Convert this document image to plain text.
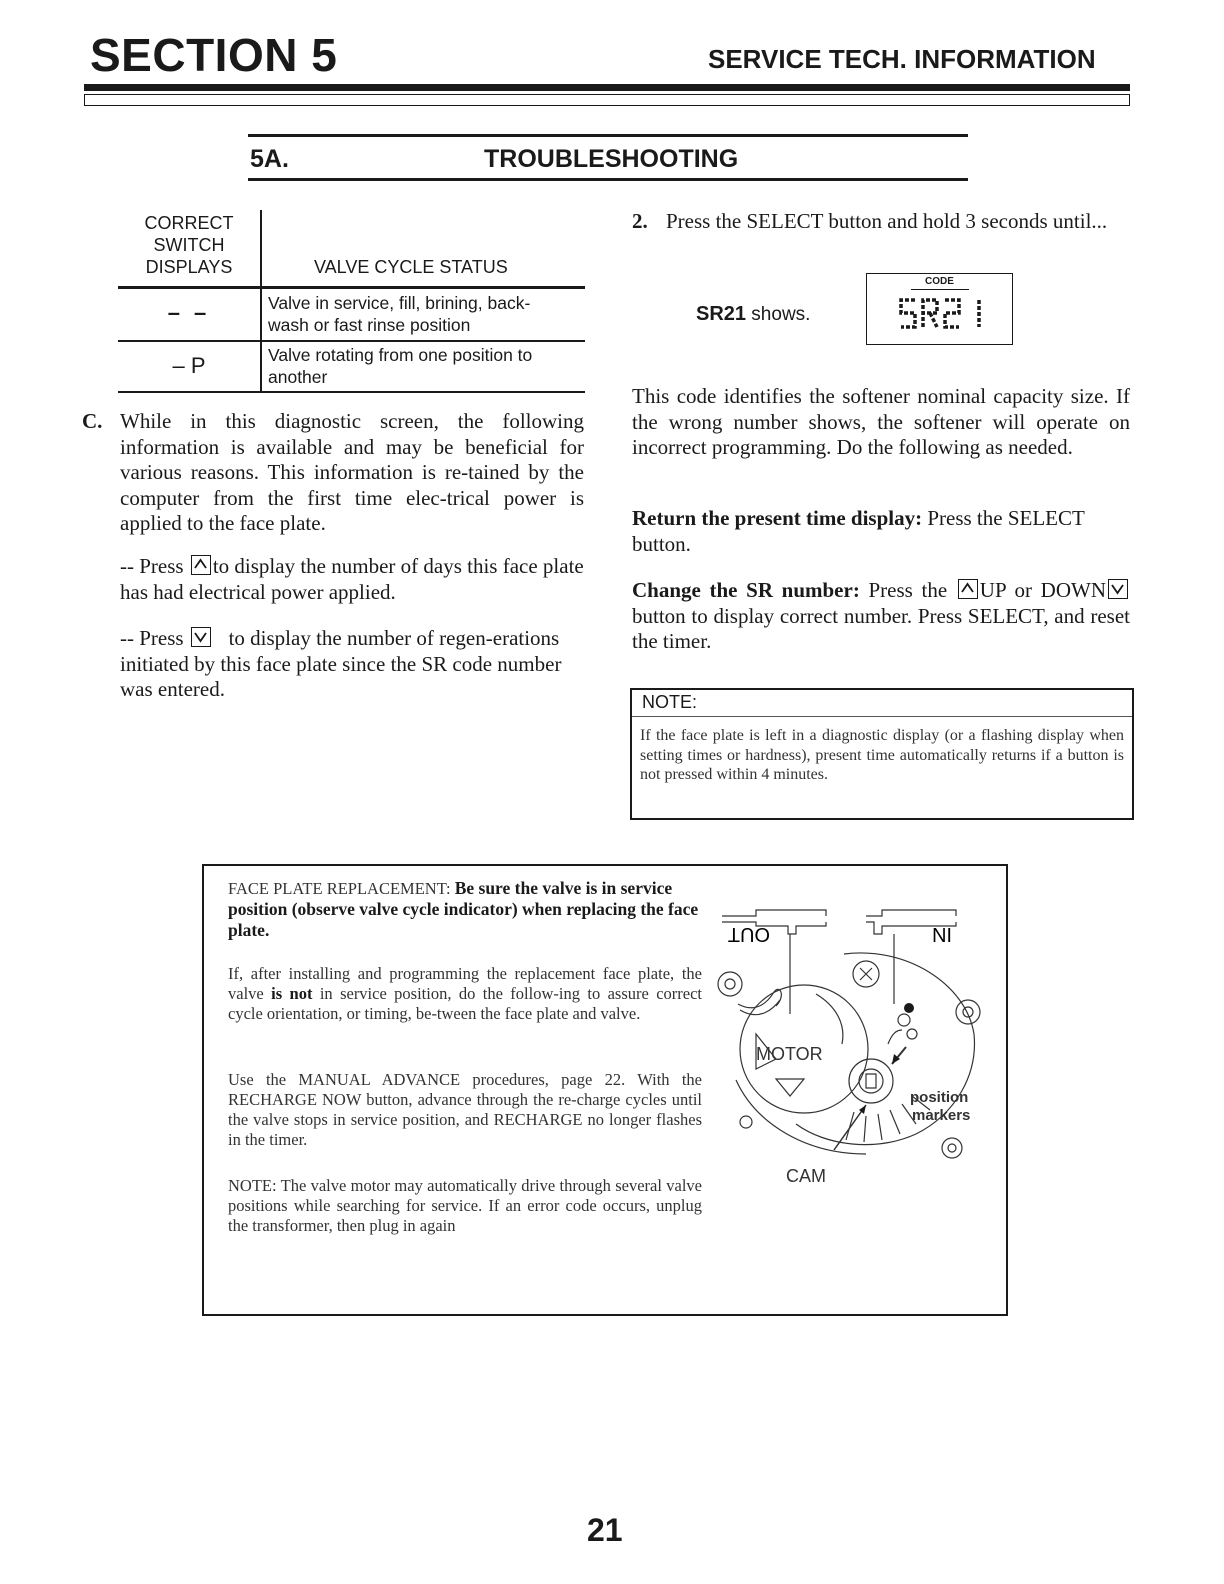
SECTION 5	SERVICE TECH. INFORMATION
5A.	TROUBLESHOOTING
CORRECT
SWITCH
DISPLAYS	VALVE CYCLE STATUS
– –	Valve in service, fill, brining, back-
wash or fast rinse position
– P	Valve rotating from one position to
another
C. While in this diagnostic screen, the following information is available and may be beneficial for various reasons. This information is re-tained by the computer from the first time elec-trical power is applied to the face plate.
-- Press to display the number of days this face plate has had electrical power applied.
-- Press to display the number of regen-erations initiated by this face plate since the SR code number was entered.
2. Press the SELECT button and hold 3 seconds until...
SR21 shows.
CODE
This code identifies the softener nominal capacity size. If the wrong number shows, the softener will operate on incorrect programming. Do the following as needed.
Return the present time display: Press the SELECT button.
Change the SR number: Press the UP or DOWN
button to display correct number. Press SELECT, and reset the timer.
NOTE:
If the face plate is left in a diagnostic display (or a flashing display when setting times or hardness), present time automatically returns if a button is not pressed within 4 minutes.
FACE PLATE REPLACEMENT: Be sure the valve is in service position (observe valve cycle indicator) when replacing the face plate.
If, after installing and programming the replacement face plate, the valve is not in service position, do the follow-ing to assure correct cycle orientation, or timing, be-tween the face plate and valve.
Use the MANUAL ADVANCE procedures, page 22. With the RECHARGE NOW button, advance through the re-charge cycles until the valve stops in service position, and RECHARGE no longer flashes in the timer.
NOTE: The valve motor may automatically drive through several valve positions while searching for service. If an error code occurs, unplug the transformer, then plug in again
OUT	IN
MOTOR
position
markers
CAM
21
